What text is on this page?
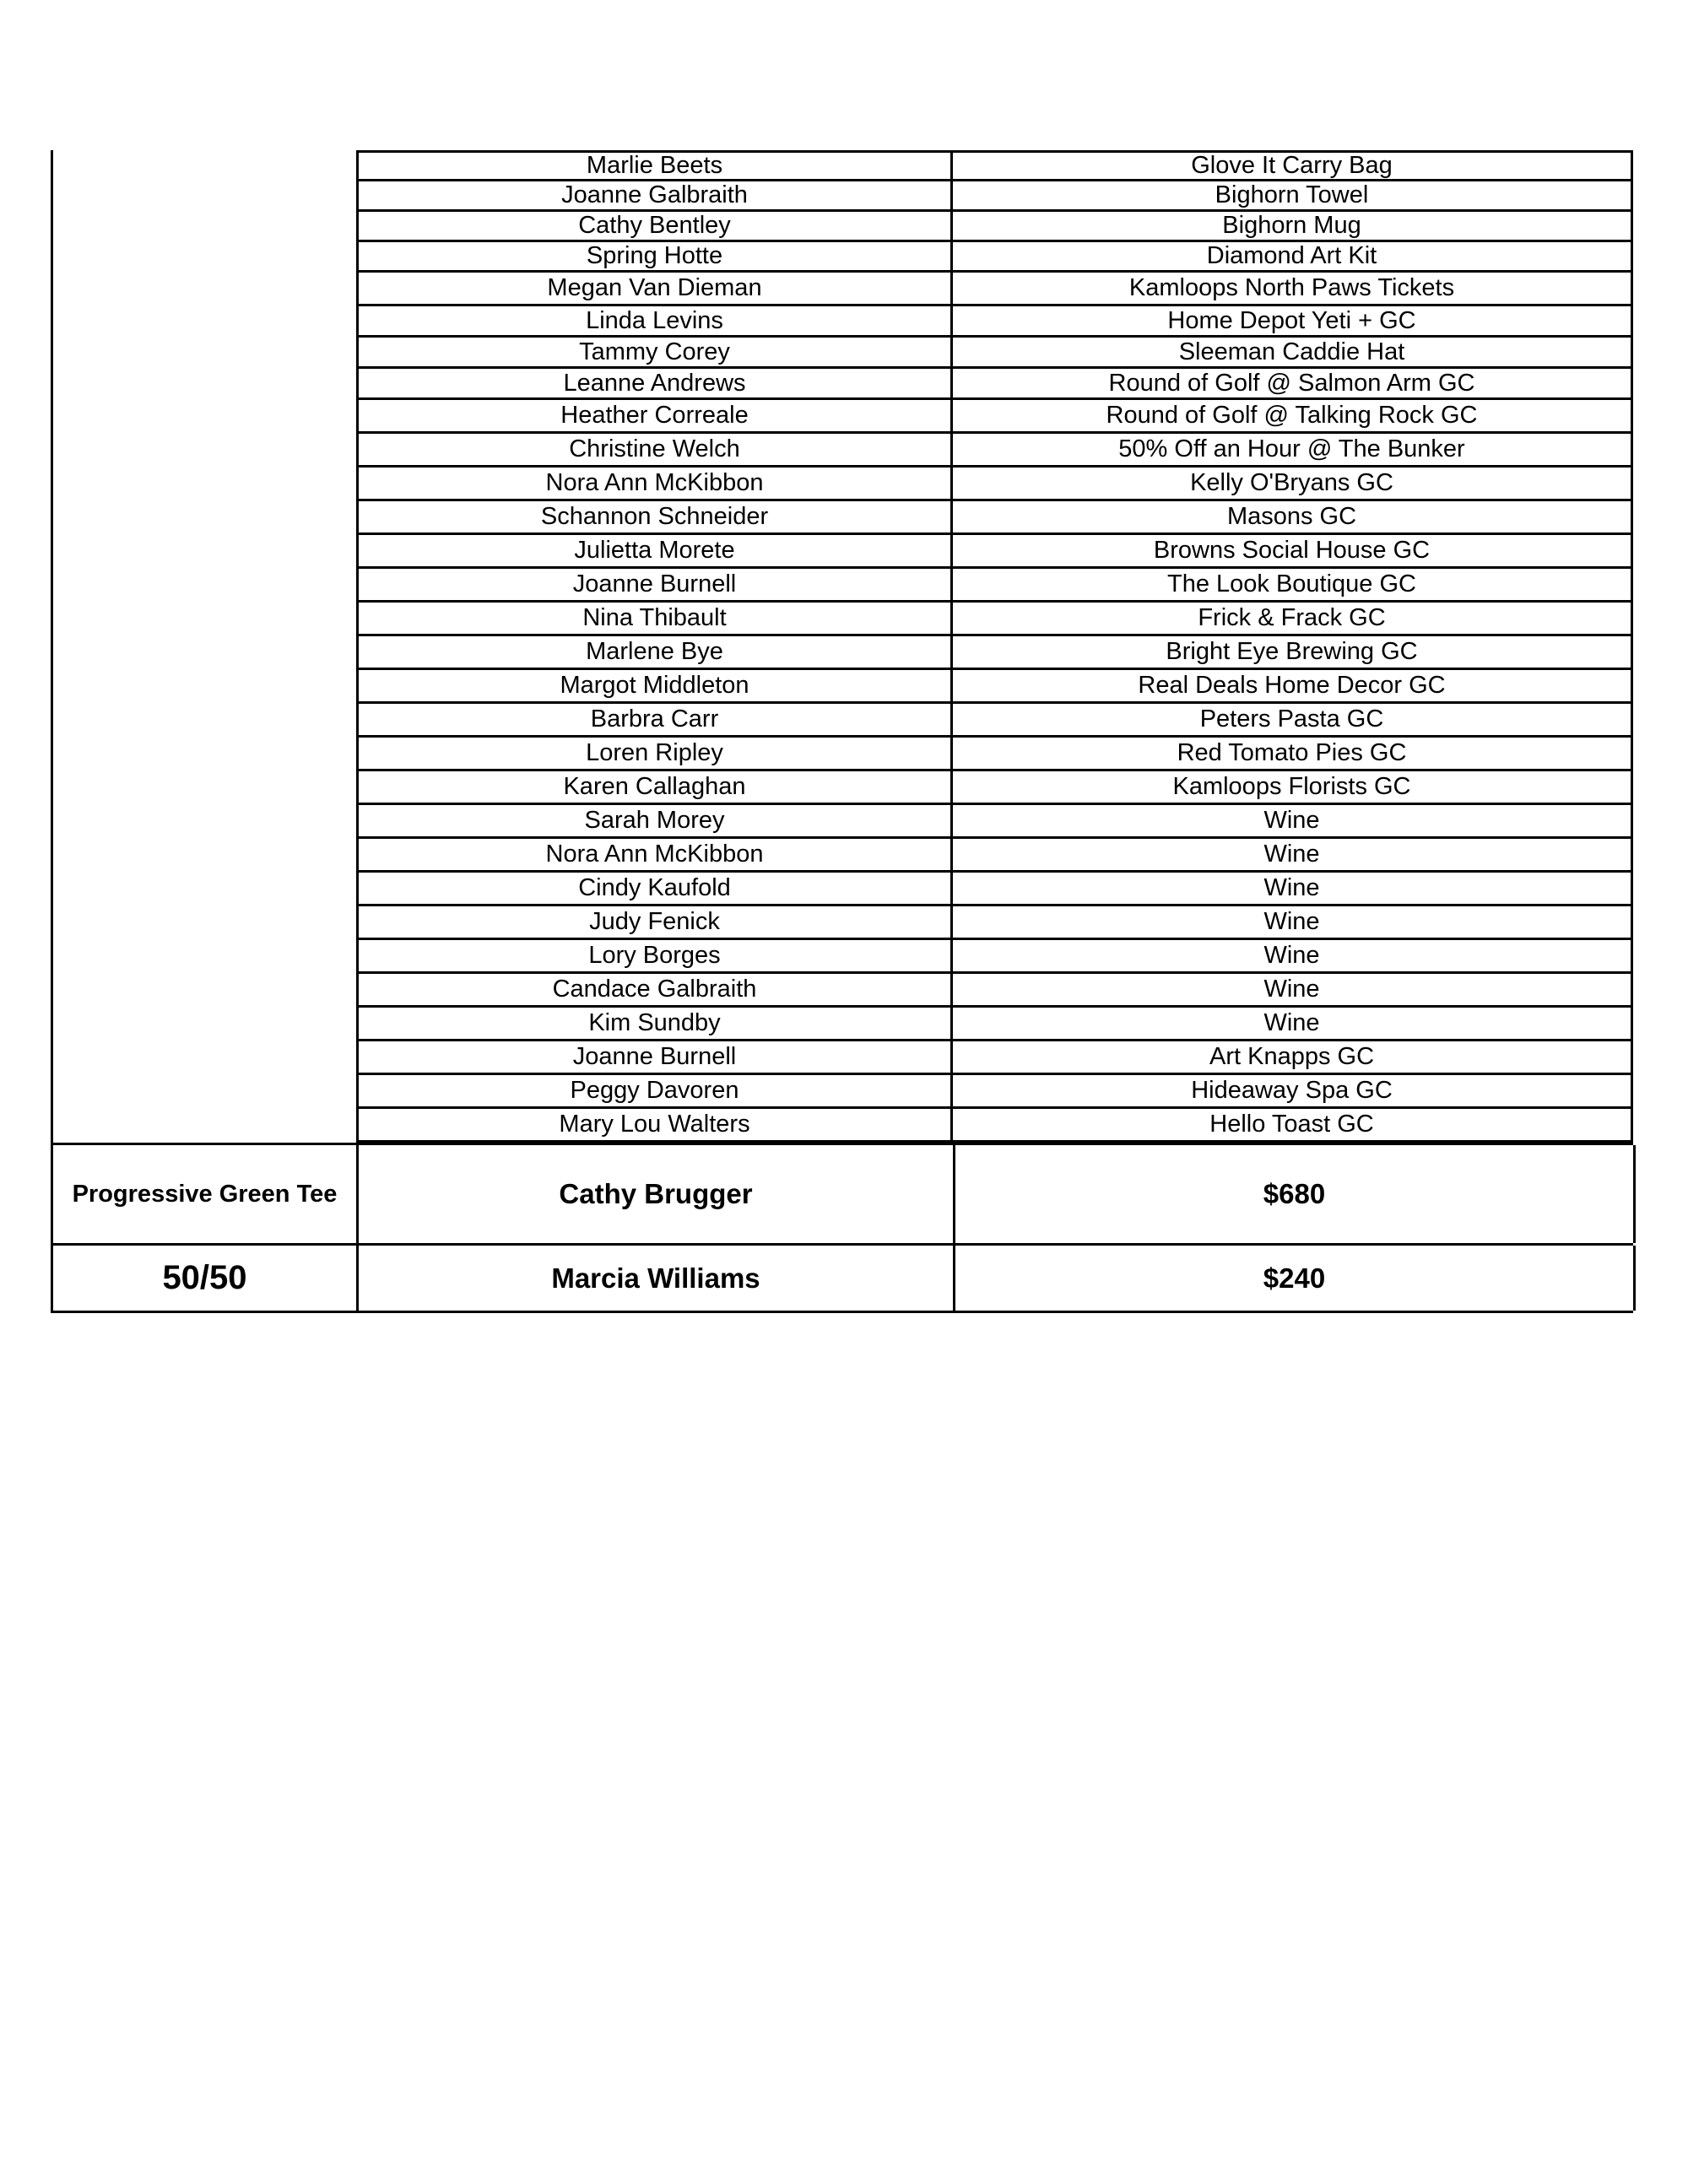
Marlie Beets	Glove It Carry Bag
Joanne Galbraith	Bighorn Towel
Cathy Bentley	Bighorn Mug
Spring Hotte	Diamond Art Kit
Megan Van Dieman	Kamloops North Paws Tickets
Linda Levins	Home Depot Yeti + GC
Tammy Corey	Sleeman Caddie Hat
Leanne Andrews	Round of Golf @ Salmon Arm GC
Heather Correale	Round of Golf @ Talking Rock GC
Christine Welch	50% Off an Hour @ The Bunker
Nora Ann McKibbon	Kelly O'Bryans GC
Schannon Schneider	Masons GC
Julietta Morete	Browns Social House GC
Joanne Burnell	The Look Boutique GC
Nina Thibault	Frick & Frack GC
Marlene Bye	Bright Eye Brewing GC
Margot Middleton	Real Deals Home Decor GC
Barbra Carr	Peters Pasta GC
Loren Ripley	Red Tomato Pies GC
Karen Callaghan	Kamloops Florists GC
Sarah Morey	Wine
Nora Ann McKibbon	Wine
Cindy Kaufold	Wine
Judy Fenick	Wine
Lory Borges	Wine
Candace Galbraith	Wine
Kim Sundby	Wine
Joanne Burnell	Art Knapps GC
Peggy Davoren	Hideaway Spa GC
Mary Lou Walters	Hello Toast GC
Progressive Green Tee	Cathy Brugger	$680
50/50	Marcia Williams	$240
